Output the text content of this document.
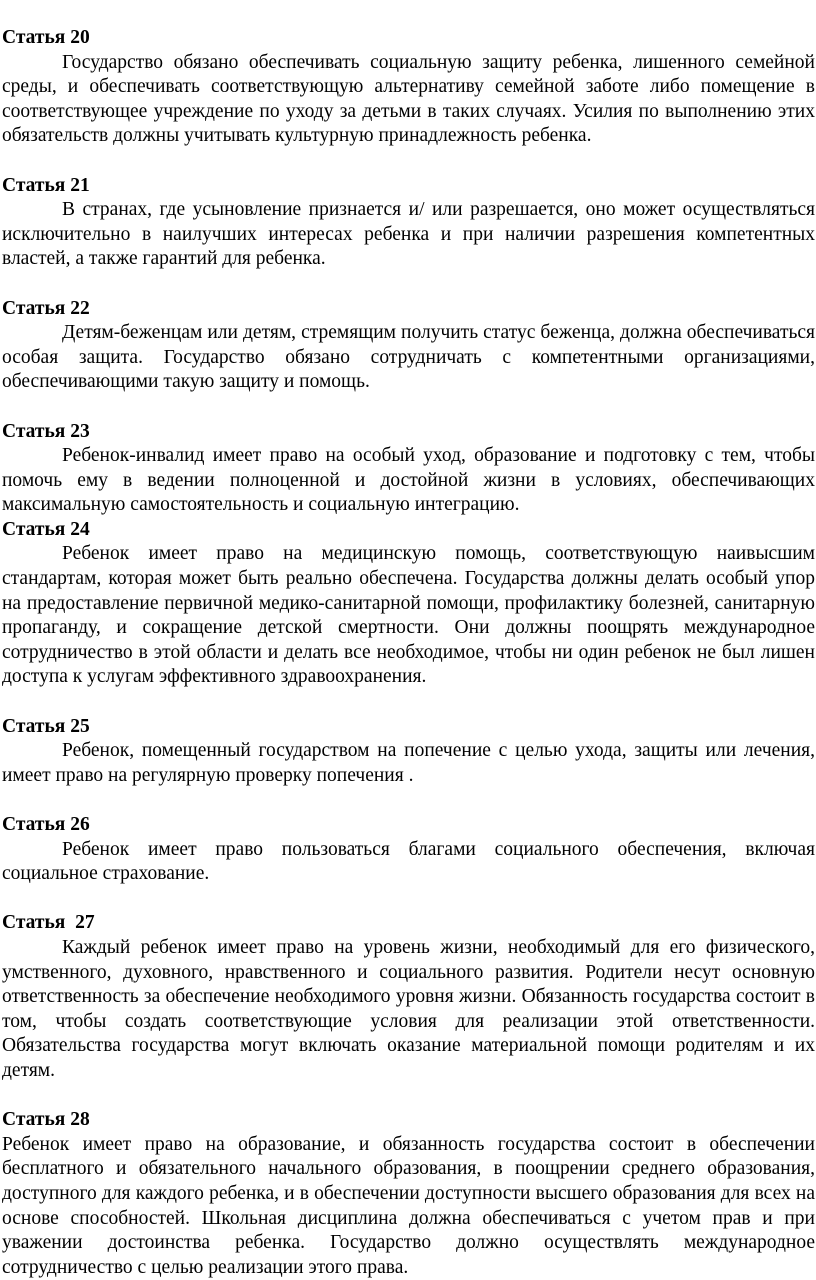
Статья 20

Государство обязано обеспечивать социальную защиту ребенка, лишенного семейной среды, и обеспечивать соответствующую альтернативу семейной заботе либо помещение в соответствующее учреждение по уходу за детьми в таких случаях. Усилия по выполнению этих обязательств должны учитывать культурную принадлежность ребенка.

Статья 21

В странах, где усыновление признается и/ или разрешается, оно может осуществляться исключительно в наилучших интересах ребенка и при наличии разрешения компетентных властей, а также гарантий для ребенка.

Статья 22

Детям-беженцам или детям, стремящим получить статус беженца, должна обеспечиваться особая защита. Государство обязано сотрудничать с компетентными организациями, обеспечивающими такую защиту и помощь.

Статья 23

Ребенок-инвалид имеет право на особый уход, образование и подготовку с тем, чтобы помочь ему в ведении полноценной и достойной жизни в условиях, обеспечивающих максимальную самостоятельность и социальную интеграцию.

Статья 24

Ребенок имеет право на медицинскую помощь, соответствующую наивысшим стандартам, которая может быть реально обеспечена. Государства должны делать особый упор на предоставление первичной медико-санитарной помощи, профилактику болезней, санитарную пропаганду, и сокращение детской смертности. Они должны поощрять международное сотрудничество в этой области и делать все необходимое, чтобы ни один ребенок не был лишен доступа к услугам эффективного здравоохранения.

Статья 25

Ребенок, помещенный государством на попечение с целью ухода, защиты или лечения, имеет право на регулярную проверку попечения .

Статья 26

Ребенок имеет право пользоваться благами социального обеспечения, включая социальное страхование.

Статья  27

Каждый ребенок имеет право на уровень жизни, необходимый для его физического, умственного, духовного, нравственного и социального развития. Родители несут основную ответственность за обеспечение необходимого уровня жизни. Обязанность государства состоит в том, чтобы создать соответствующие условия для реализации этой ответственности. Обязательства государства могут включать оказание материальной помощи родителям и их детям.

Статья 28

Ребенок имеет право на образование, и обязанность государства состоит в обеспечении бесплатного и обязательного начального образования, в поощрении среднего образования, доступного для каждого ребенка, и в обеспечении доступности высшего образования для всех на основе способностей. Школьная дисциплина должна обеспечиваться с учетом прав и при уважении достоинства ребенка. Государство должно осуществлять международное сотрудничество с целью реализации этого права.
